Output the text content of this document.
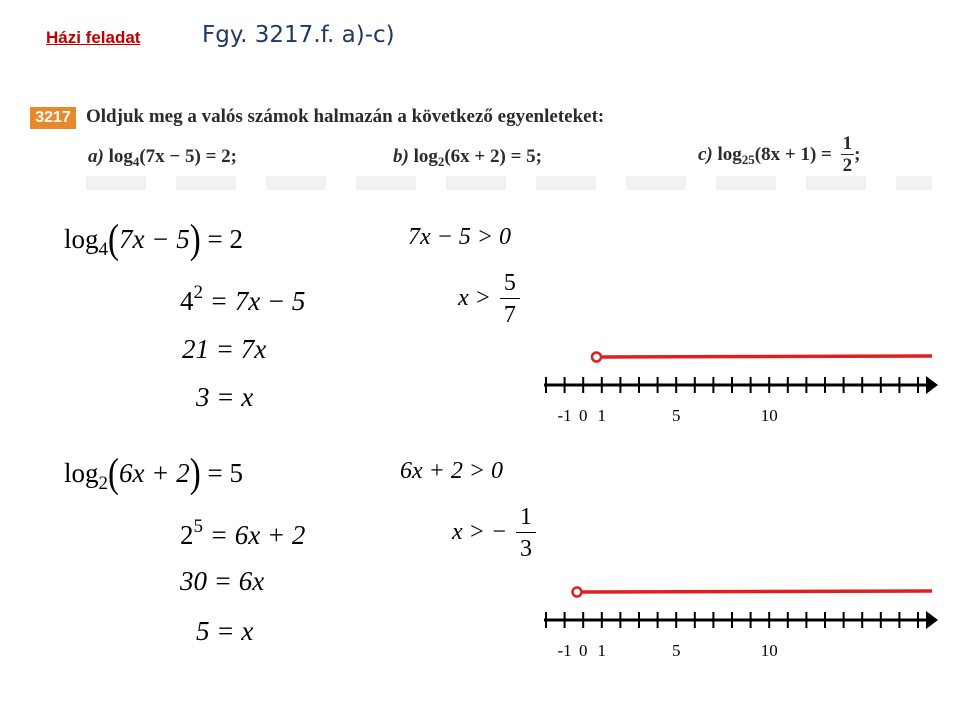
Házi feladat	Fgy. 3217.f. a)-c)
3217 Oldjuk meg a valós számok halmazán a következő egyenleteket:
a) $\log_4(7x - 5) = 2$;	b) $\log_2(6x + 2) = 5$;	c) $\log_{25}(8x + 1) = \frac{1}{2}$ ;
$\log_4(7x - 5) = 2$
$4^2 = 7x - 5$
21 = 7x
3 = x
7x − 5 > 0
$x > \frac{5}{7}$
-1 0 1	5	10
$\log_2(6x + 2) = 5$
$2^5 = 6x + 2$
30 = 6x
5 = x
6x + 2 > 0
x > − $\frac{1}{3}$
-1 0 1	5	10
